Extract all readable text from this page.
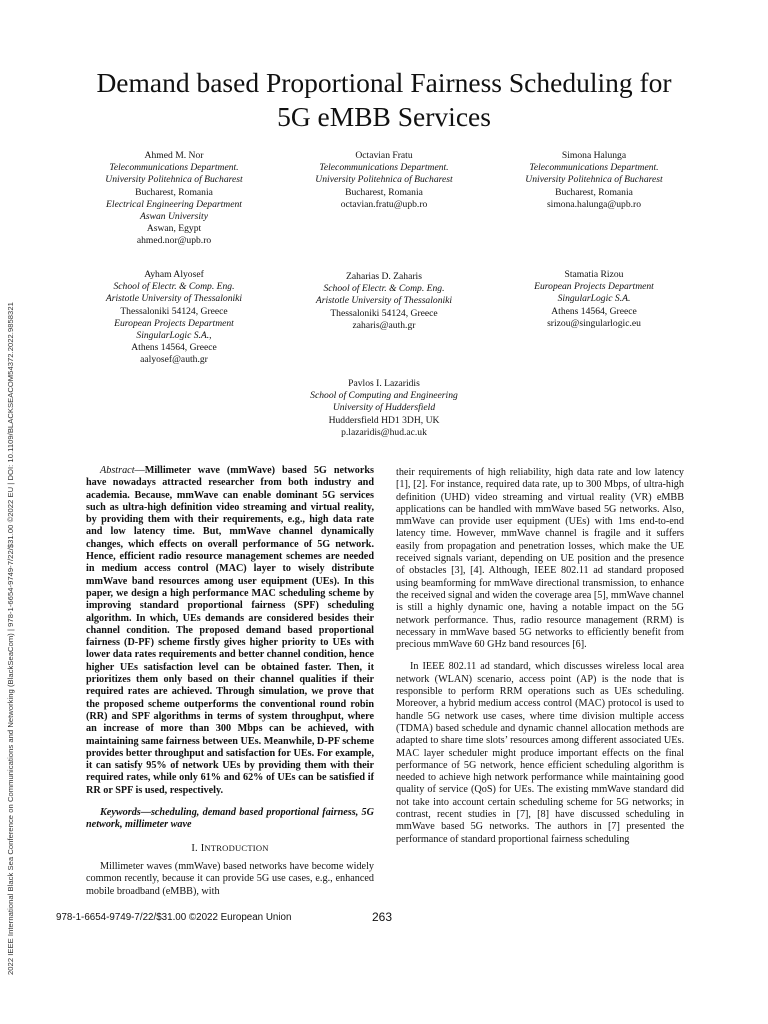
2022 IEEE International Black Sea Conference on Communications and Networking (BlackSeaCom) | 978-1-6654-9749-7/22/$31.00 ©2022 EU | DOI: 10.1109/BLACKSEACOM54372.2022.9858321
Demand based Proportional Fairness Scheduling for
5G eMBB Services
Ahmed M. Nor
Telecommunications Department.
University Politehnica of Bucharest
Bucharest, Romania
Electrical Engineering Department
Aswan University
Aswan, Egypt
ahmed.nor@upb.ro
Octavian Fratu
Telecommunications Department.
University Politehnica of Bucharest
Bucharest, Romania
octavian.fratu@upb.ro
Simona Halunga
Telecommunications Department.
University Politehnica of Bucharest
Bucharest, Romania
simona.halunga@upb.ro
Ayham Alyosef
School of Electr. & Comp. Eng.
Aristotle University of Thessaloniki
Thessaloniki 54124, Greece
European Projects Department
SingularLogic S.A.,
Athens 14564, Greece
aalyosef@auth.gr
Zaharias D. Zaharis
School of Electr. & Comp. Eng.
Aristotle University of Thessaloniki
Thessaloniki 54124, Greece
zaharis@auth.gr
Stamatia Rizou
European Projects Department
SingularLogic S.A.
Athens 14564, Greece
srizou@singularlogic.eu
Pavlos I. Lazaridis
School of Computing and Engineering
University of Huddersfield
Huddersfield HD1 3DH, UK
p.lazaridis@hud.ac.uk

Abstract—Millimeter wave (mmWave) based 5G networks have nowadays attracted researcher from both industry and academia. Because, mmWave can enable dominant 5G services such as ultra-high definition video streaming and virtual reality, by providing them with their requirements, e.g., high data rate and low latency time. But, mmWave channel dynamically changes, which effects on overall performance of 5G network. Hence, efficient radio resource management schemes are needed in medium access control (MAC) layer to wisely distribute mmWave band resources among user equipment (UEs). In this paper, we design a high performance MAC scheduling scheme by improving standard proportional fairness (SPF) scheduling algorithm. In which, UEs demands are considered besides their channel condition. The proposed demand based proportional fairness (D-PF) scheme firstly gives higher priority to UEs with lower data rates requirements and better channel condition, hence higher UEs satisfaction level can be obtained faster. Then, it prioritizes them only based on their channel qualities if their required rates are achieved. Through simulation, we prove that the proposed scheme outperforms the conventional round robin (RR) and SPF algorithms in terms of system throughput, where an increase of more than 300 Mbps can be achieved, with maintaining same fairness between UEs. Meanwhile, D-PF scheme provides better throughput and satisfaction for UEs. For example, it can satisfy 95% of network UEs by providing them with their required rates, while only 61% and 62% of UEs can be satisfied if RR or SPF is used, respectively.

Keywords—scheduling, demand based proportional fairness, 5G network, millimeter wave

I. INTRODUCTION

Millimeter waves (mmWave) based networks have become widely common recently, because it can provide 5G use cases, e.g., enhanced mobile broadband (eMBB), with

their requirements of high reliability, high data rate and low latency [1], [2]. For instance, required data rate, up to 300 Mbps, of ultra-high definition (UHD) video streaming and virtual reality (VR) eMBB applications can be handled with mmWave based 5G networks. Also, mmWave can provide user equipment (UEs) with 1ms end-to-end latency time. However, mmWave channel is fragile and it suffers easily from propagation and penetration losses, which make the UE received signals variant, depending on UE position and the presence of obstacles [3], [4]. Although, IEEE 802.11 ad standard proposed using beamforming for mmWave directional transmission, to enhance the received signal and widen the coverage area [5], mmWave channel is still a highly dynamic one, having a notable impact on the 5G network performance. Thus, radio resource management (RRM) is necessary in mmWave based 5G networks to efficiently benefit from precious mmWave 60 GHz band resources [6].

In IEEE 802.11 ad standard, which discusses wireless local area network (WLAN) scenario, access point (AP) is the node that is responsible to perform RRM operations such as UEs scheduling. Moreover, a hybrid medium access control (MAC) protocol is used to handle 5G network use cases, where time division multiple access (TDMA) based schedule and dynamic channel allocation methods are adapted to share time slots’ resources among different associated UEs. MAC layer scheduler might produce important effects on the final performance of 5G network, hence efficient scheduling algorithm is needed to achieve high network performance while maintaining good quality of service (QoS) for UEs. The existing mmWave standard did not take into account certain scheduling scheme for 5G networks; in contrast, recent studies in [7], [8] have discussed scheduling in mmWave based 5G networks. The authors in [7] presented the performance of standard proportional fairness scheduling

978-1-6654-9749-7/22/$31.00 ©2022 European Union	263
